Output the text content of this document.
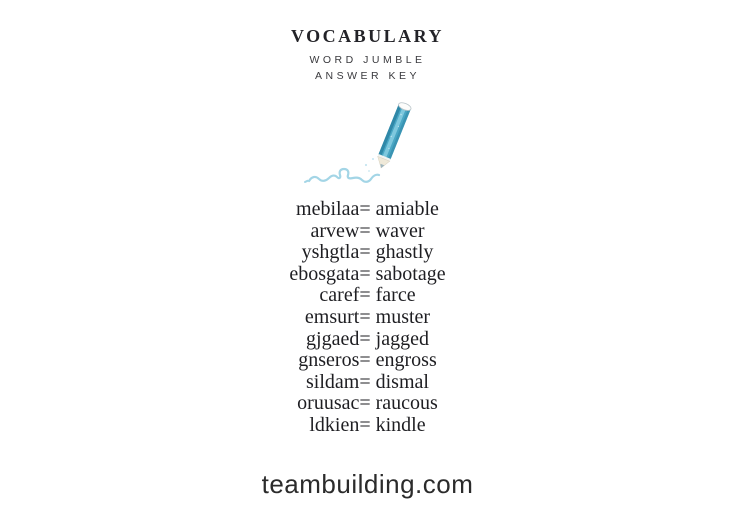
VOCABULARY
WORD JUMBLE
ANSWER KEY
mebilaa= amiable
arvew= waver
yshgtla= ghastly
ebosgata= sabotage
caref= farce
emsurt= muster
gjgaed= jagged
gnseros= engross
sildam= dismal
oruusac= raucous
ldkien= kindle
teambuilding.com
